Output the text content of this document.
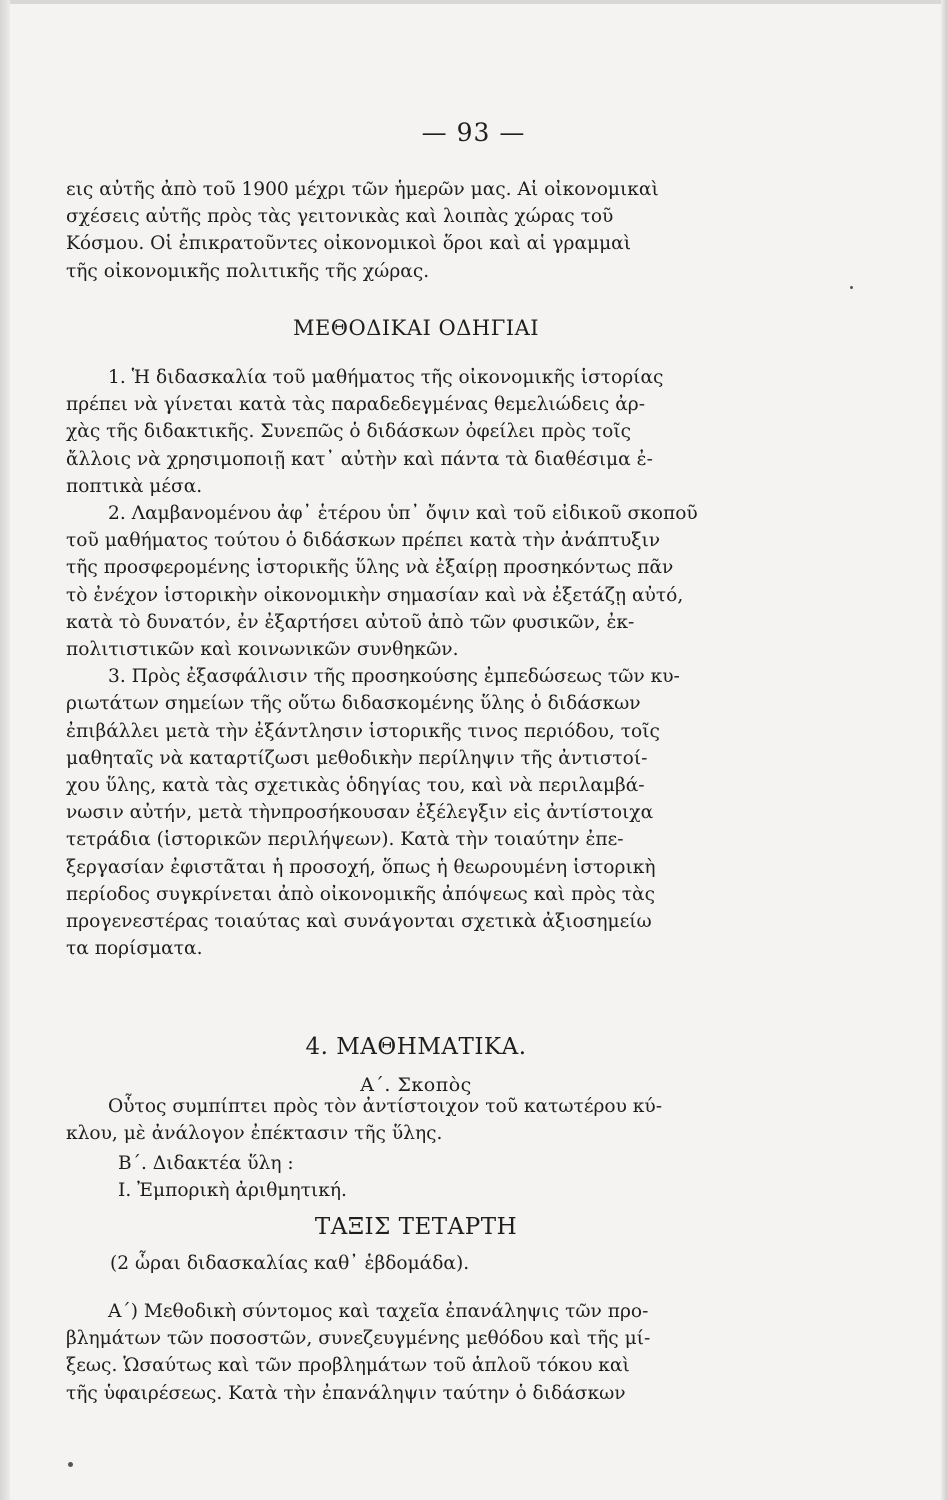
— 93 —
εις αὐτῆς ἀπὸ τοῦ 1900 μέχρι τῶν ἡμερῶν μας. Αἱ οἰκονομικαὶ
σχέσεις αὐτῆς πρὸς τὰς γειτονικὰς καὶ λοιπὰς χώρας τοῦ
Κόσμου. Οἱ ἐπικρατοῦντες οἰκονομικοὶ ὅροι καὶ αἱ γραμμαὶ
τῆς οἰκονομικῆς πολιτικῆς τῆς χώρας.
ΜΕΘΟΔΙΚΑΙ ΟΔΗΓΙΑΙ
1. Ἡ διδασκαλία τοῦ μαθήματος τῆς οἰκονομικῆς ἱστορίας
πρέπει νὰ γίνεται κατὰ τὰς παραδεδεγμένας θεμελιώδεις ἀρ-
χὰς τῆς διδακτικῆς. Συνεπῶς ὁ διδάσκων ὀφείλει πρὸς τοῖς
ἄλλοις νὰ χρησιμοποιῇ κατ᾿ αὐτὴν καὶ πάντα τὰ διαθέσιμα ἐ-
ποπτικὰ μέσα.
2. Λαμβανομένου ἀφ᾿ ἑτέρου ὑπ᾿ ὄψιν καὶ τοῦ εἰδικοῦ σκοποῦ
τοῦ μαθήματος τούτου ὁ διδάσκων πρέπει κατὰ τὴν ἀνάπτυξιν
τῆς προσφερομένης ἱστορικῆς ὕλης νὰ ἐξαίρῃ προσηκόντως πᾶν
τὸ ἐνέχον ἱστορικὴν οἰκονομικὴν σημασίαν καὶ νὰ ἐξετάζῃ αὐτό,
κατὰ τὸ δυνατόν, ἐν ἐξαρτήσει αὐτοῦ ἀπὸ τῶν φυσικῶν, ἐκ-
πολιτιστικῶν καὶ κοινωνικῶν συνθηκῶν.
3. Πρὸς ἐξασφάλισιν τῆς προσηκούσης ἐμπεδώσεως τῶν κυ-
ριωτάτων σημείων τῆς οὕτω διδασκομένης ὕλης ὁ διδάσκων
ἐπιβάλλει μετὰ τὴν ἐξάντλησιν ἱστορικῆς τινος περιόδου, τοῖς
μαθηταῖς νὰ καταρτίζωσι μεθοδικὴν περίληψιν τῆς ἀντιστοί-
χου ὕλης, κατὰ τὰς σχετικὰς ὁδηγίας του, καὶ νὰ περιλαμβά-
νωσιν αὐτήν, μετὰ τὴνπροσήκουσαν ἐξέλεγξιν εἰς ἀντίστοιχα
τετράδια (ἱστορικῶν περιλήψεων). Κατὰ τὴν τοιαύτην ἐπε-
ξεργασίαν ἐφιστᾶται ἡ προσοχή, ὅπως ἡ θεωρουμένη ἱστορικὴ
περίοδος συγκρίνεται ἀπὸ οἰκονομικῆς ἀπόψεως καὶ πρὸς τὰς
προγενεστέρας τοιαύτας καὶ συνάγονται σχετικὰ ἀξιοσημείω
τα πορίσματα.
4. ΜΑΘΗΜΑΤΙΚΑ.
Α΄. Σκοπὸς
Οὗτος συμπίπτει πρὸς τὸν ἀντίστοιχον τοῦ κατωτέρου κύ-
κλου, μὲ ἀνάλογον ἐπέκτασιν τῆς ὕλης.
Β΄. Διδακτέα ὕλη :
Ι. Ἐμπορικὴ ἀριθμητική.
ΤΑΞΙΣ ΤΕΤΑΡΤΗ
(2 ὧραι διδασκαλίας καθ᾿ ἑβδομάδα).
Α΄) Μεθοδικὴ σύντομος καὶ ταχεῖα ἐπανάληψις τῶν προ-
βλημάτων τῶν ποσοστῶν, συνεζευγμένης μεθόδου καὶ τῆς μί-
ξεως. Ὡσαύτως καὶ τῶν προβλημάτων τοῦ ἁπλοῦ τόκου καὶ
τῆς ὑφαιρέσεως. Κατὰ τὴν ἐπανάληψιν ταύτην ὁ διδάσκων
